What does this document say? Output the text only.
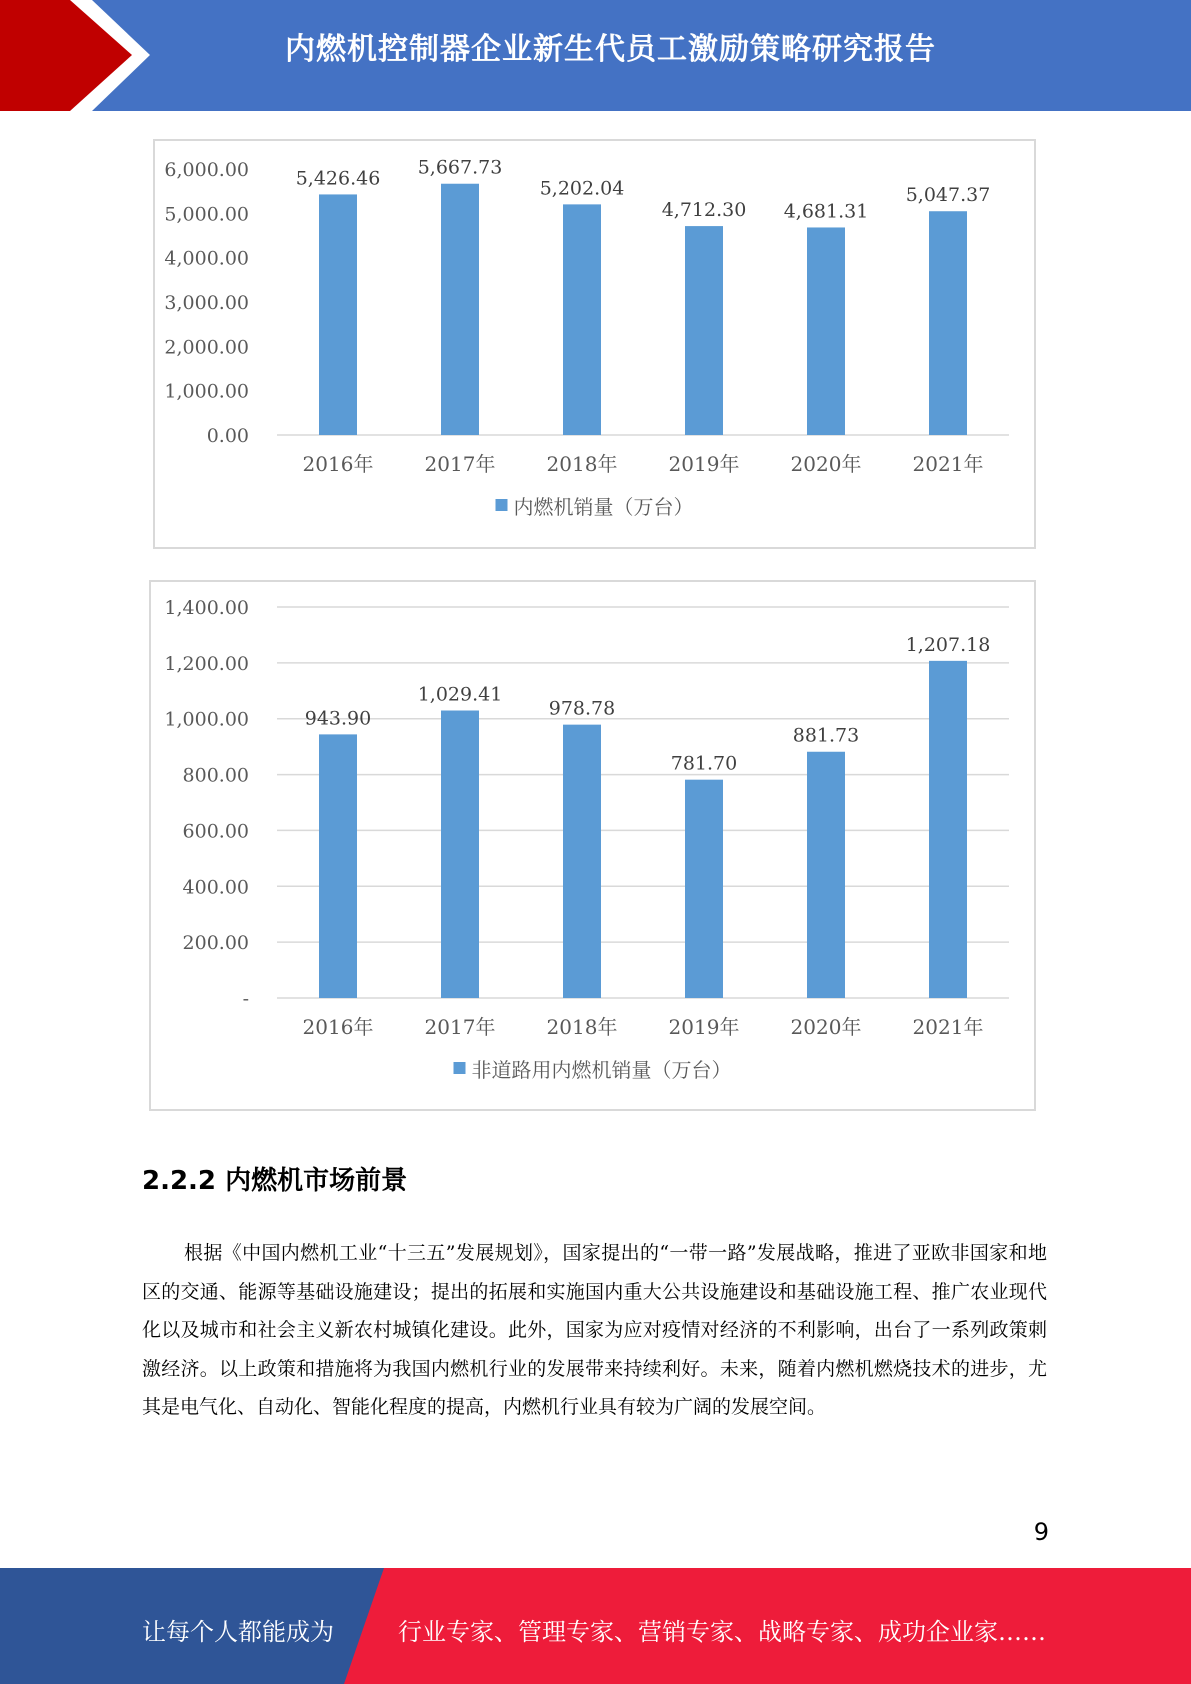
内燃机控制器企业新生代员工激励策略研究报告
0.00
1,000.00
2,000.00
3,000.00
4,000.00
5,000.00
6,000.00 5,426.46
2016年
5,667.73
2017年
5,202.04
2018年
4,712.30
2019年
4,681.31
2020年
5,047.37
2021年
内燃机销量（万台）
-
200.00
400.00
600.00
800.00
1,000.00
1,200.00
1,400.00
943.90
2016年
1,029.41
2017年
978.78
2018年
781.70
2019年
881.73
2020年
1,207.18
2021年
非道路用内燃机销量（万台）
2.2.2 内燃机市场前景
根据《中国内燃机工业“十三五”发展规划》，国家提出的“一带一路”发展战略，推进了亚欧非国家和地区的交通、能源等基础设施建设；提出的拓展和实施国内重大公共设施建设和基础设施工程、推广农业现代化以及城市和社会主义新农村城镇化建设。此外，国家为应对疫情对经济的不利影响，出台了一系列政策刺激经济。以上政策和措施将为我国内燃机行业的发展带来持续利好。未来，随着内燃机燃烧技术的进步，尤其是电气化、自动化、智能化程度的提高，内燃机行业具有较为广阔的发展空间。
9
让每个人都能成为	行业专家、管理专家、营销专家、战略专家、成功企业家……
